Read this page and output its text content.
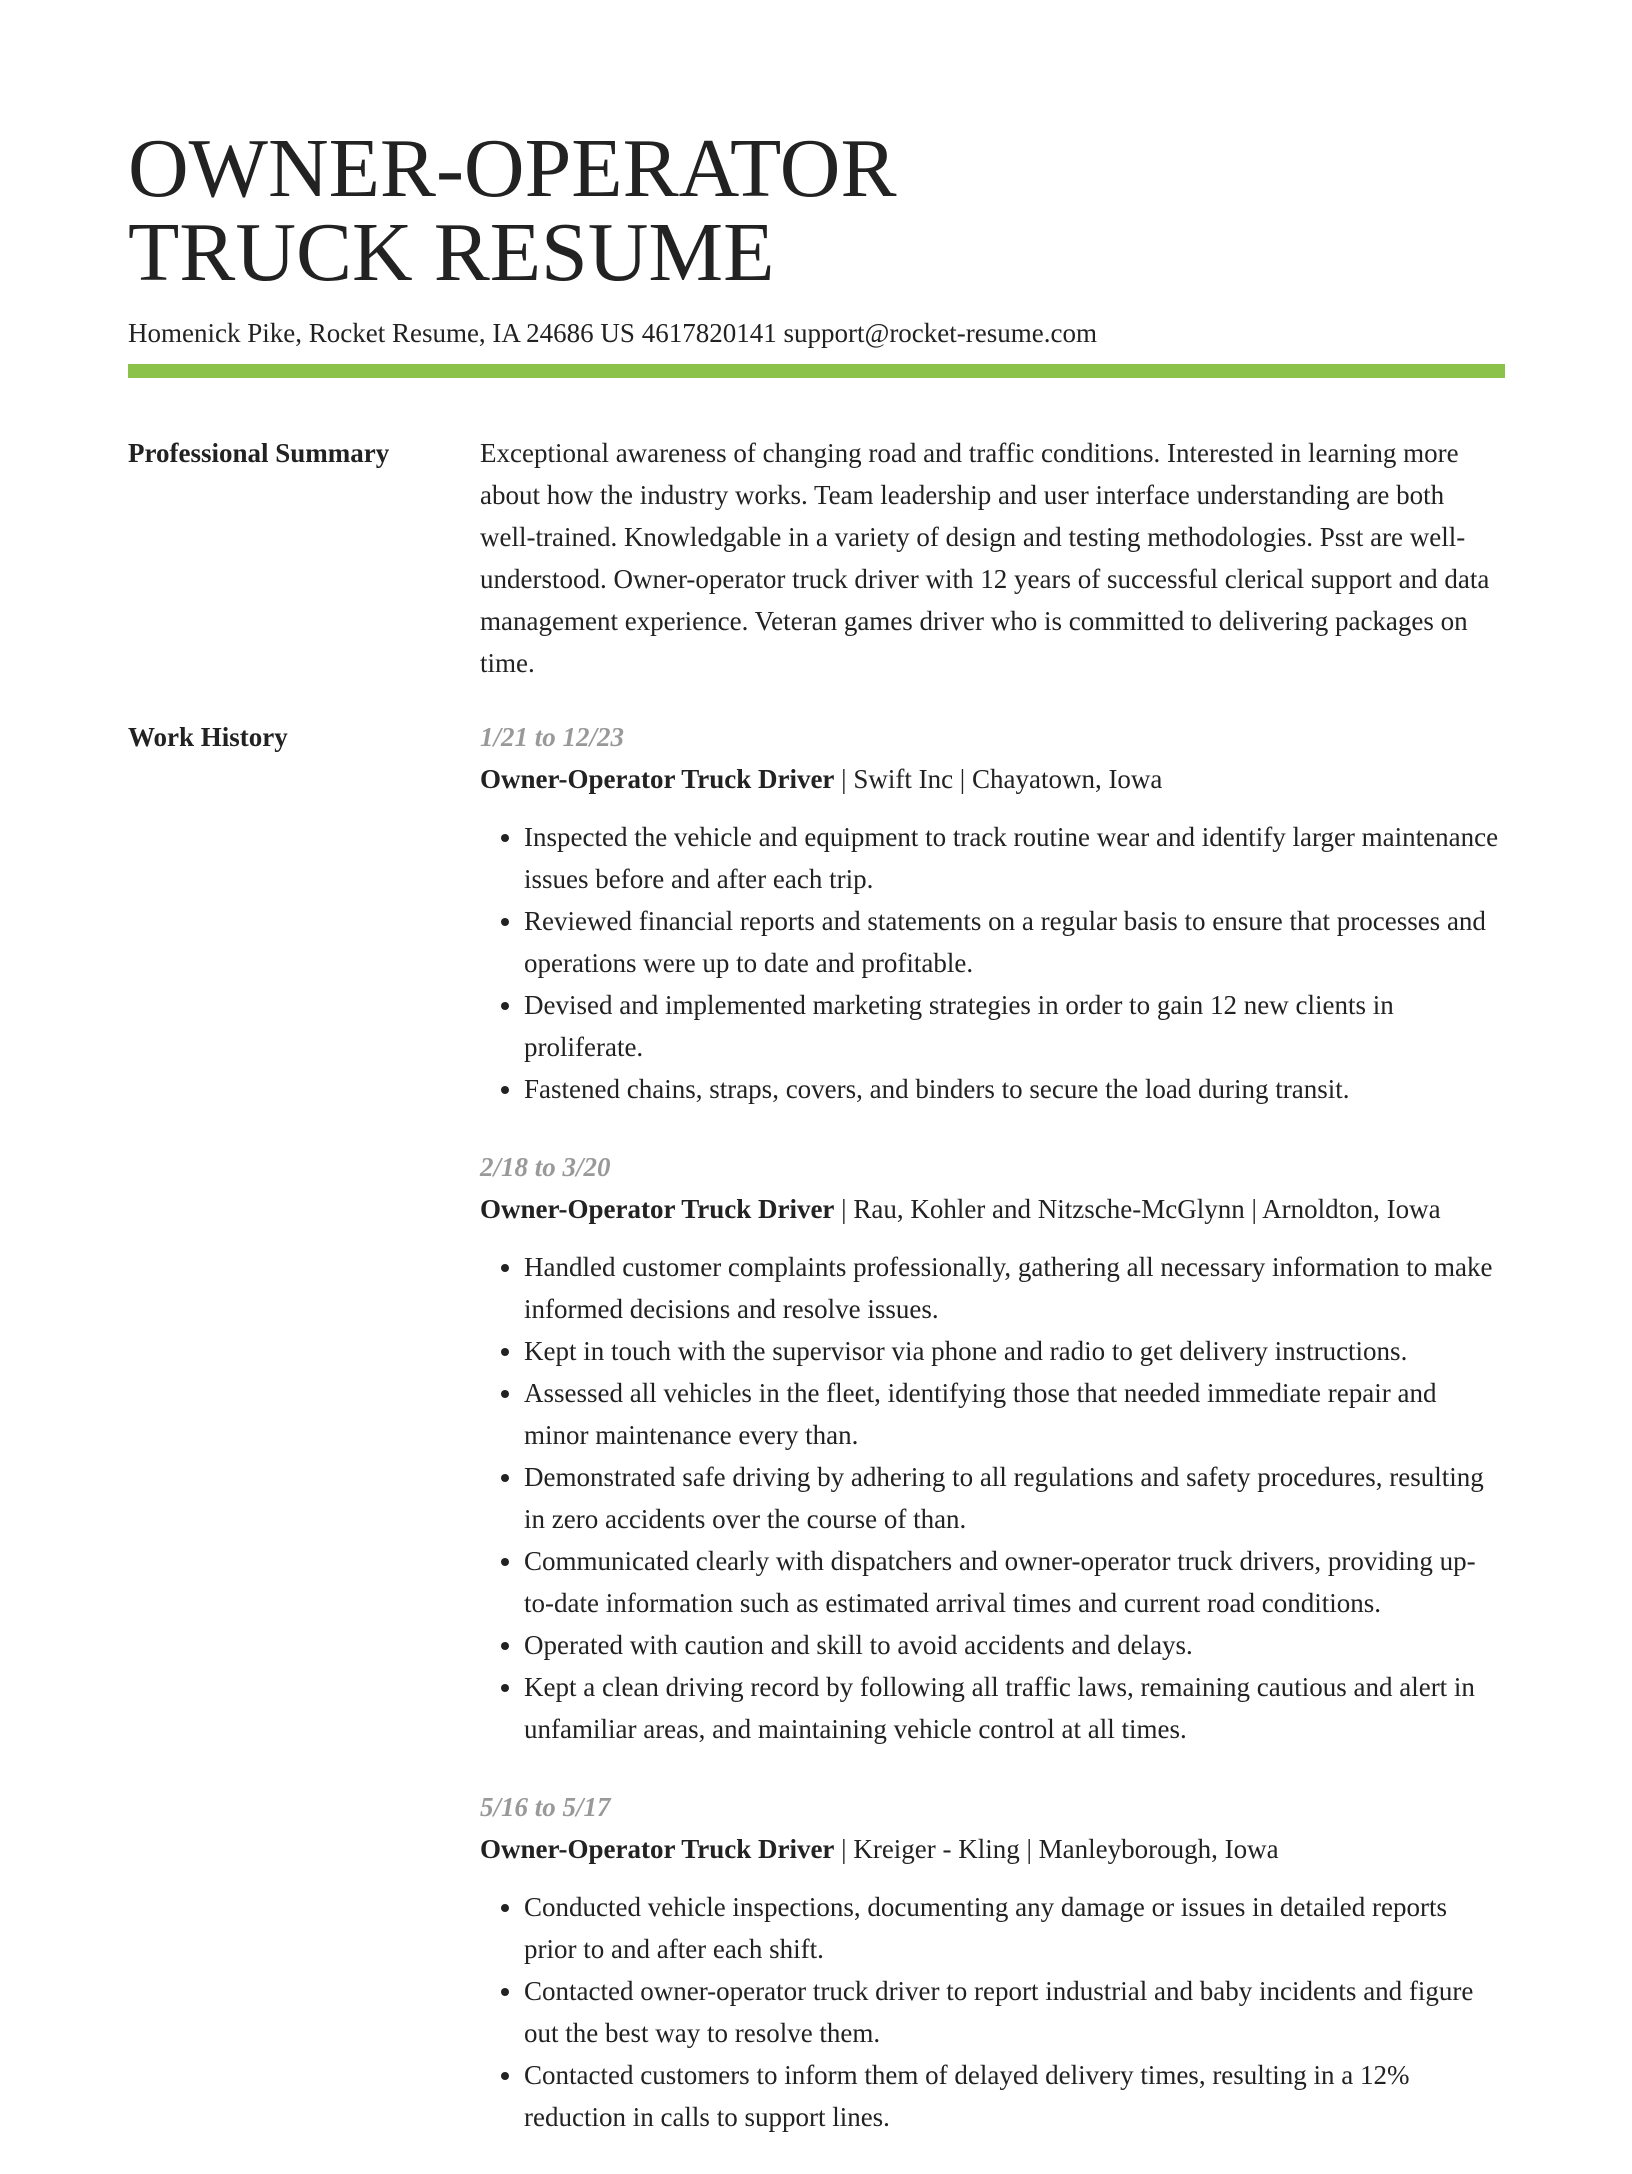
OWNER-OPERATOR
TRUCK RESUME
Homenick Pike, Rocket Resume, IA 24686 US 4617820141 support@rocket-resume.com
Professional Summary	Exceptional awareness of changing road and traffic conditions. Interested in learning more about how the industry works. Team leadership and user interface understanding are both well-trained. Knowledgable in a variety of design and testing methodologies. Psst are well-understood. Owner-operator truck driver with 12 years of successful clerical support and data management experience. Veteran games driver who is committed to delivering packages on time.

Work History	1/21 to 12/23
Owner-Operator Truck Driver | Swift Inc | Chayatown, Iowa
• Inspected the vehicle and equipment to track routine wear and identify larger maintenance issues before and after each trip.
• Reviewed financial reports and statements on a regular basis to ensure that processes and operations were up to date and profitable.
• Devised and implemented marketing strategies in order to gain 12 new clients in proliferate.
• Fastened chains, straps, covers, and binders to secure the load during transit.
2/18 to 3/20
Owner-Operator Truck Driver | Rau, Kohler and Nitzsche-McGlynn | Arnoldton, Iowa
• Handled customer complaints professionally, gathering all necessary information to make informed decisions and resolve issues.
• Kept in touch with the supervisor via phone and radio to get delivery instructions.
• Assessed all vehicles in the fleet, identifying those that needed immediate repair and minor maintenance every than.
• Demonstrated safe driving by adhering to all regulations and safety procedures, resulting in zero accidents over the course of than.
• Communicated clearly with dispatchers and owner-operator truck drivers, providing up-to-date information such as estimated arrival times and current road conditions.
• Operated with caution and skill to avoid accidents and delays.
• Kept a clean driving record by following all traffic laws, remaining cautious and alert in unfamiliar areas, and maintaining vehicle control at all times.
5/16 to 5/17
Owner-Operator Truck Driver | Kreiger - Kling | Manleyborough, Iowa
• Conducted vehicle inspections, documenting any damage or issues in detailed reports prior to and after each shift.
• Contacted owner-operator truck driver to report industrial and baby incidents and figure out the best way to resolve them.
• Contacted customers to inform them of delayed delivery times, resulting in a 12% reduction in calls to support lines.
